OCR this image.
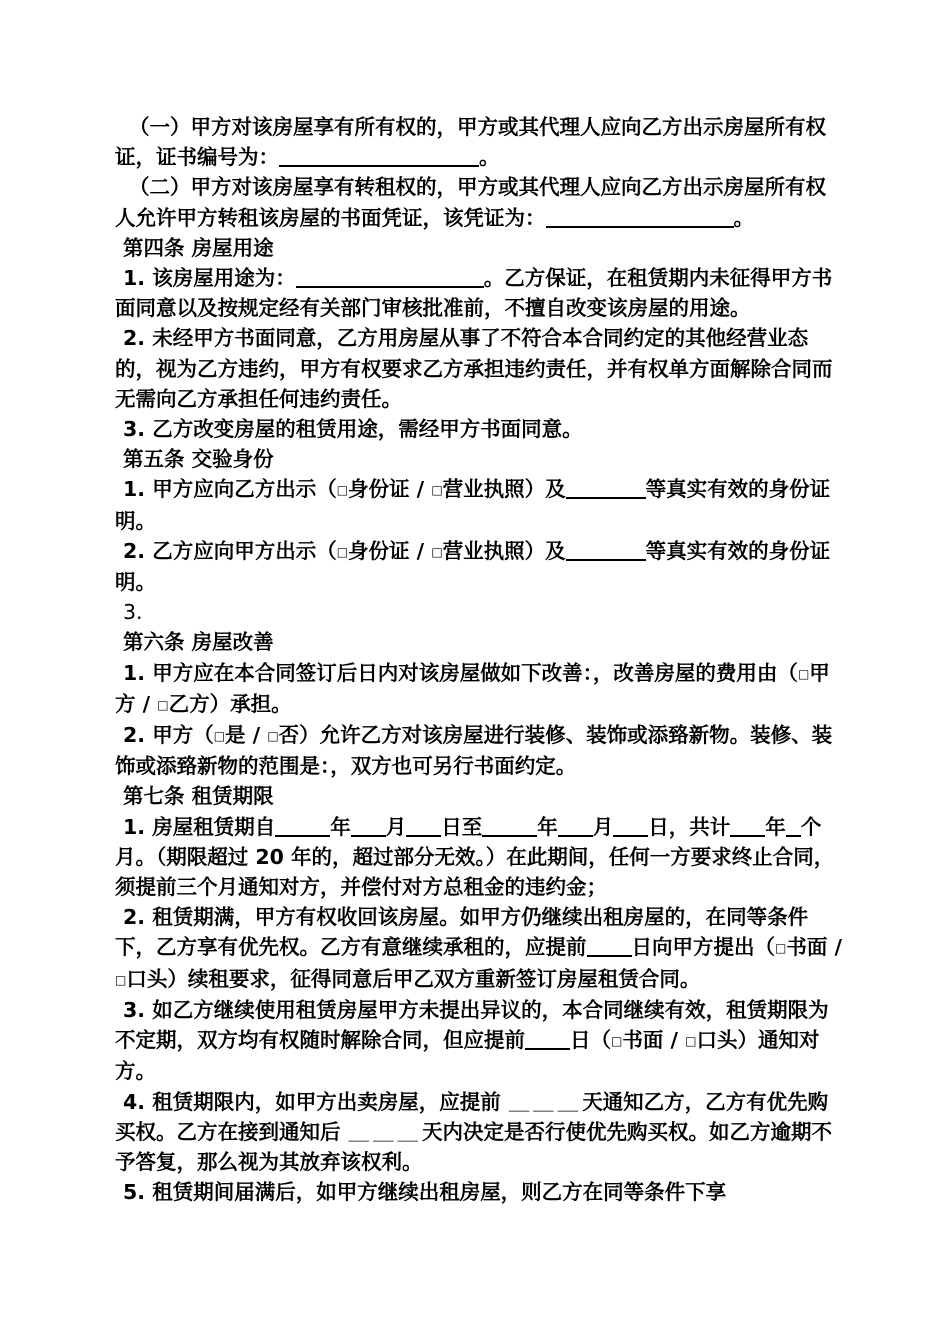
（一）甲方对该房屋享有所有权的，甲方或其代理人应向乙方出示房屋所有权证，证书编号为：	。

（二）甲方对该房屋享有转租权的，甲方或其代理人应向乙方出示房屋所有权人允许甲方转租该房屋的书面凭证，该凭证为：	。

第四条 房屋用途

1. 该房屋用途为：	。乙方保证，在租赁期内未征得甲方书面同意以及按规定经有关部门审核批准前，不擅自改变该房屋的用途。

2. 未经甲方书面同意，乙方用房屋从事了不符合本合同约定的其他经营业态的，视为乙方违约，甲方有权要求乙方承担违约责任，并有权单方面解除合同而无需向乙方承担任何违约责任。

3. 乙方改变房屋的租赁用途，需经甲方书面同意。

第五条 交验身份

1. 甲方应向乙方出示（□身份证 / □营业执照）及	等真实有效的身份证明。

2. 乙方应向甲方出示（□身份证 / □营业执照）及	等真实有效的身份证明。

3.

第六条 房屋改善

1. 甲方应在本合同签订后日内对该房屋做如下改善：，改善房屋的费用由（□甲方 / □乙方）承担。

2. 甲方（□是 / □否）允许乙方对该房屋进行装修、装饰或添臵新物。装修、装饰或添臵新物的范围是：，双方也可另行书面约定。

第七条 租赁期限

1. 房屋租赁期自	年 月 日至	年 月 日，共计 年 个月。（期限超过 20 年的，超过部分无效。）在此期间，任何一方要求终止合同，须提前三个月通知对方，并偿付对方总租金的违约金；

2. 租赁期满，甲方有权收回该房屋。如甲方仍继续出租房屋的，在同等条件下，乙方享有优先权。乙方有意继续承租的，应提前 日向甲方提出（□书面 / □口头）续租要求，征得同意后甲乙双方重新签订房屋租赁合同。

3. 如乙方继续使用租赁房屋甲方未提出异议的，本合同继续有效，租赁期限为不定期，双方均有权随时解除合同，但应提前 日（□书面 / □口头）通知对方。

4. 租赁期限内，如甲方出卖房屋，应提前 ＿＿＿天通知乙方，乙方有优先购买权。乙方在接到通知后 ＿＿＿天内决定是否行使优先购买权。如乙方逾期不予答复，那么视为其放弃该权利。

5. 租赁期间届满后，如甲方继续出租房屋，则乙方在同等条件下享
